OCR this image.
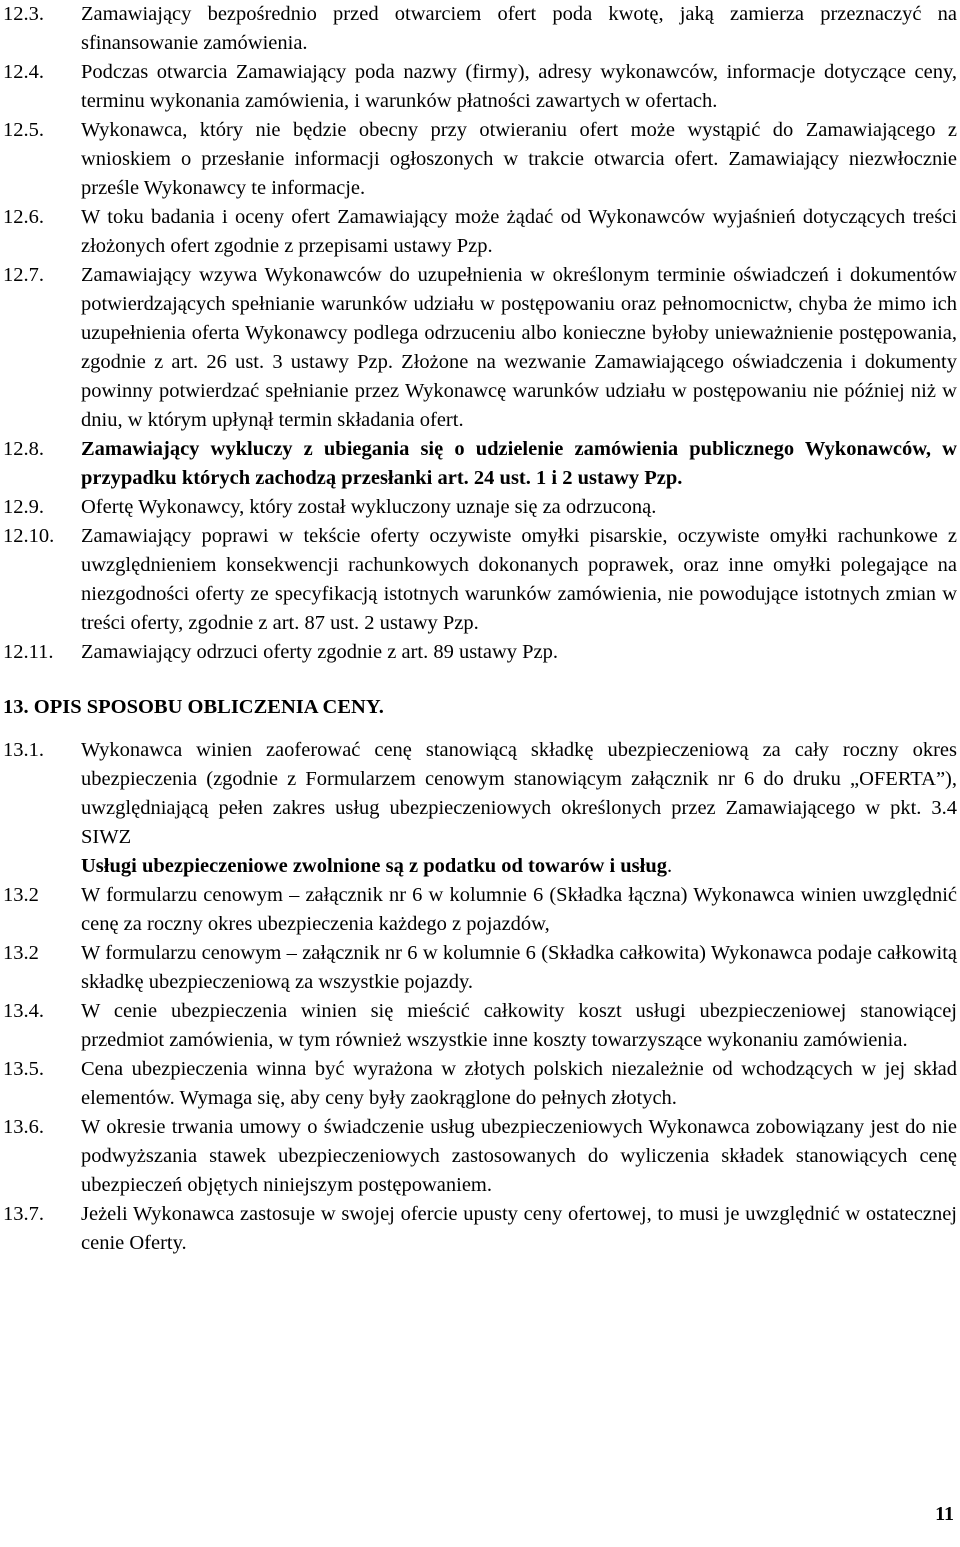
12.3.	Zamawiający bezpośrednio przed otwarciem ofert poda kwotę, jaką zamierza przeznaczyć na sfinansowanie zamówienia.
12.4.	Podczas otwarcia Zamawiający poda nazwy (firmy), adresy wykonawców, informacje dotyczące ceny, terminu wykonania zamówienia, i warunków płatności zawartych w ofertach.
12.5.	Wykonawca, który nie będzie obecny przy otwieraniu ofert może wystąpić do Zamawiającego z wnioskiem o przesłanie informacji ogłoszonych w trakcie otwarcia ofert. Zamawiający niezwłocznie prześle Wykonawcy te informacje.
12.6.	W toku badania i oceny ofert Zamawiający może żądać od Wykonawców wyjaśnień dotyczących treści złożonych ofert zgodnie z przepisami ustawy Pzp.
12.7.	Zamawiający wzywa Wykonawców do uzupełnienia w określonym terminie oświadczeń i dokumentów potwierdzających spełnianie warunków udziału w postępowaniu oraz pełnomocnictw, chyba że mimo ich uzupełnienia oferta Wykonawcy podlega odrzuceniu albo konieczne byłoby unieważnienie postępowania, zgodnie z art. 26 ust. 3 ustawy Pzp. Złożone na wezwanie Zamawiającego oświadczenia i dokumenty powinny potwierdzać spełnianie przez Wykonawcę warunków udziału w postępowaniu nie później niż w dniu, w którym upłynął termin składania ofert.
12.8.	Zamawiający wykluczy z ubiegania się o udzielenie zamówienia publicznego Wykonawców, w przypadku których zachodzą przesłanki art. 24 ust. 1 i 2 ustawy Pzp.
12.9.	Ofertę Wykonawcy, który został wykluczony uznaje się za odrzuconą.
12.10.	Zamawiający poprawi w tekście oferty oczywiste omyłki pisarskie, oczywiste omyłki rachunkowe z uwzględnieniem konsekwencji rachunkowych dokonanych poprawek, oraz inne omyłki polegające na niezgodności oferty ze specyfikacją istotnych warunków zamówienia, nie powodujące istotnych zmian w treści oferty, zgodnie z art. 87 ust. 2 ustawy Pzp.
12.11.	Zamawiający odrzuci oferty zgodnie z art. 89 ustawy Pzp.
13. OPIS SPOSOBU OBLICZENIA CENY.
13.1.	Wykonawca winien zaoferować cenę stanowiącą składkę ubezpieczeniową za cały roczny okres ubezpieczenia (zgodnie z Formularzem cenowym stanowiącym załącznik nr 6 do druku „OFERTA”), uwzględniającą pełen zakres usług ubezpieczeniowych określonych przez Zamawiającego w pkt. 3.4 SIWZ
Usługi ubezpieczeniowe zwolnione są z podatku od towarów i usług.
13.2	W formularzu cenowym – załącznik nr 6 w kolumnie 6 (Składka łączna) Wykonawca winien uwzględnić cenę za roczny okres ubezpieczenia każdego z pojazdów,
13.2	W formularzu cenowym – załącznik nr 6 w kolumnie 6 (Składka całkowita) Wykonawca podaje całkowitą składkę ubezpieczeniową za wszystkie pojazdy.
13.4.	W cenie ubezpieczenia winien się mieścić całkowity koszt usługi ubezpieczeniowej stanowiącej przedmiot zamówienia, w tym również wszystkie inne koszty towarzyszące wykonaniu zamówienia.
13.5.	Cena ubezpieczenia winna być wyrażona w złotych polskich niezależnie od wchodzących w jej skład elementów. Wymaga się, aby ceny były zaokrąglone do pełnych złotych.
13.6.	W okresie trwania umowy o świadczenie usług ubezpieczeniowych Wykonawca zobowiązany jest do nie podwyższania stawek ubezpieczeniowych zastosowanych do wyliczenia składek stanowiących cenę ubezpieczeń objętych niniejszym postępowaniem.
13.7.	Jeżeli Wykonawca zastosuje w swojej ofercie upusty ceny ofertowej, to musi je uwzględnić w ostatecznej cenie Oferty.
11
